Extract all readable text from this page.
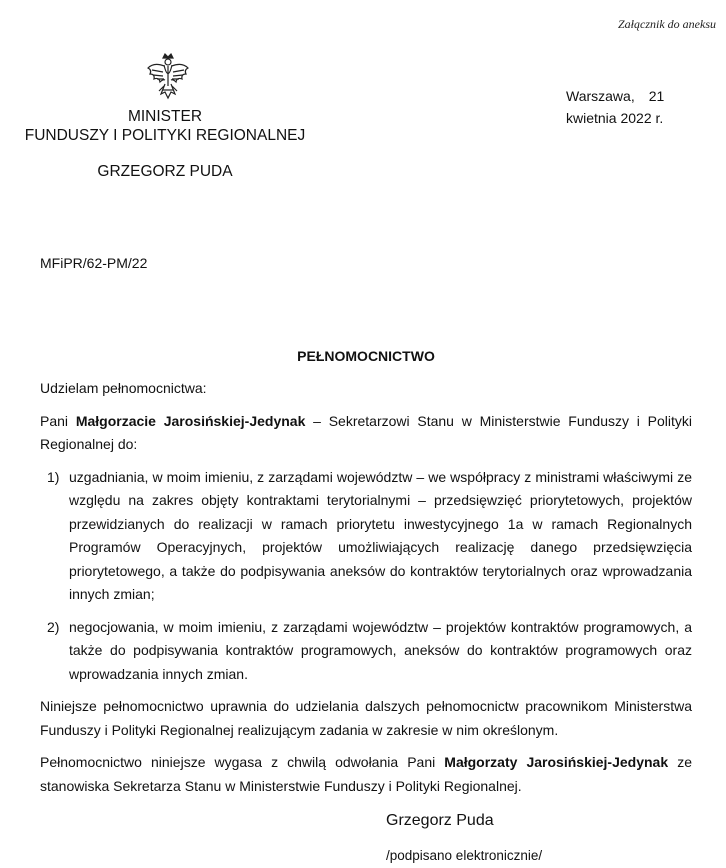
Załącznik do aneksu
MINISTER
FUNDUSZY I POLITYKI REGIONALNEJ
GRZEGORZ PUDA
Warszawa, 21
kwietnia 2022 r.
MFiPR/62-PM/22
PEŁNOMOCNICTWO

Udzielam pełnomocnictwa:

Pani Małgorzacie Jarosińskiej-Jedynak – Sekretarzowi Stanu w Ministerstwie Funduszy i Polityki Regionalnej do:

1) uzgadniania, w moim imieniu, z zarządami województw – we współpracy z ministrami właściwymi ze względu na zakres objęty kontraktami terytorialnymi – przedsięwzięć priorytetowych, projektów przewidzianych do realizacji w ramach priorytetu inwestycyjnego 1a w ramach Regionalnych Programów Operacyjnych, projektów umożliwiających realizację danego przedsięwzięcia priorytetowego, a także do podpisywania aneksów do kontraktów terytorialnych oraz wprowadzania innych zmian;
2) negocjowania, w moim imieniu, z zarządami województw – projektów kontraktów programowych, a także do podpisywania kontraktów programowych, aneksów do kontraktów programowych oraz wprowadzania innych zmian.

Niniejsze pełnomocnictwo uprawnia do udzielania dalszych pełnomocnictw pracownikom Ministerstwa Funduszy i Polityki Regionalnej realizującym zadania w zakresie w nim określonym.

Pełnomocnictwo niniejsze wygasa z chwilą odwołania Pani Małgorzaty Jarosińskiej-Jedynak ze stanowiska Sekretarza Stanu w Ministerstwie Funduszy i Polityki Regionalnej.

Grzegorz Puda
/podpisano elektronicznie/
